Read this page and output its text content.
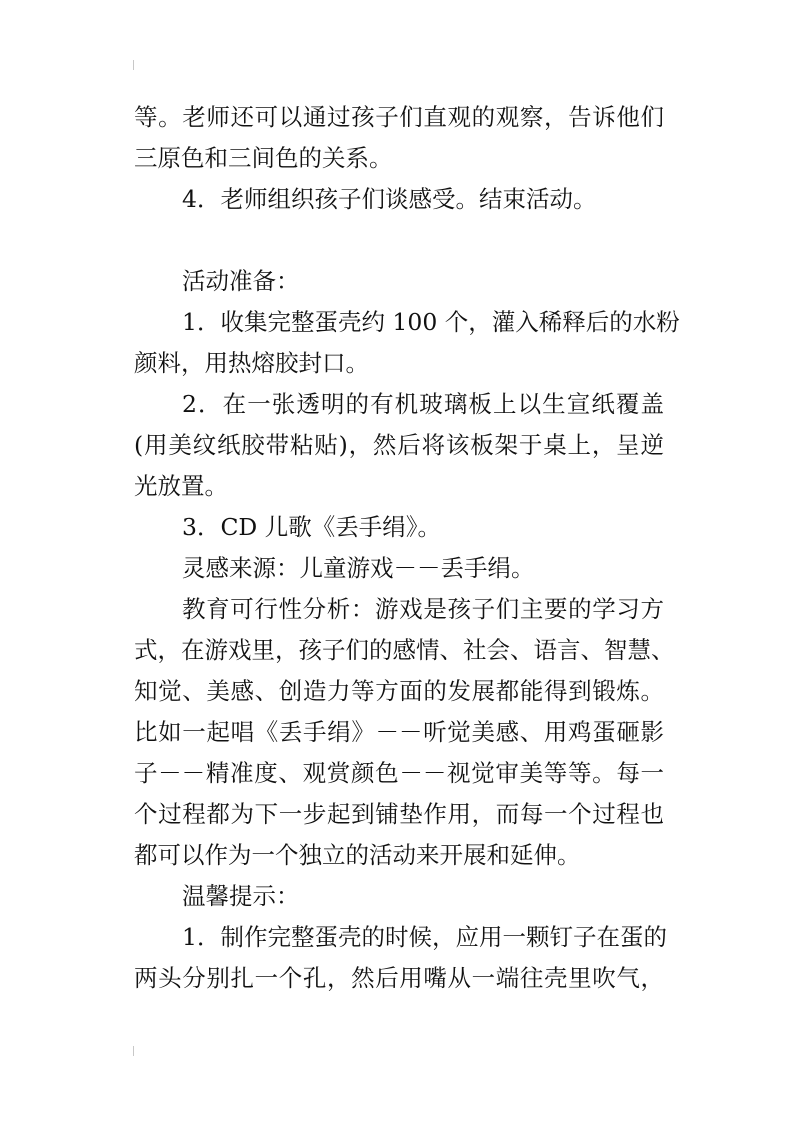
等。老师还可以通过孩子们直观的观察，告诉他们
三原色和三间色的关系。
4．老师组织孩子们谈感受。结束活动。
活动准备：
1．收集完整蛋壳约 100 个，灌入稀释后的水粉
颜料，用热熔胶封口。
2．在一张透明的有机玻璃板上以生宣纸覆盖
(用美纹纸胶带粘贴)，然后将该板架于桌上，呈逆
光放置。
3．CD 儿歌《丢手绢》。
灵感来源：儿童游戏－－丢手绢。
教育可行性分析：游戏是孩子们主要的学习方
式，在游戏里，孩子们的感情、社会、语言、智慧、
知觉、美感、创造力等方面的发展都能得到锻炼。
比如一起唱《丢手绢》－－听觉美感、用鸡蛋砸影
子－－精准度、观赏颜色－－视觉审美等等。每一
个过程都为下一步起到铺垫作用，而每一个过程也
都可以作为一个独立的活动来开展和延伸。
温馨提示：
1．制作完整蛋壳的时候，应用一颗钉子在蛋的
两头分别扎一个孔，然后用嘴从一端往壳里吹气，
